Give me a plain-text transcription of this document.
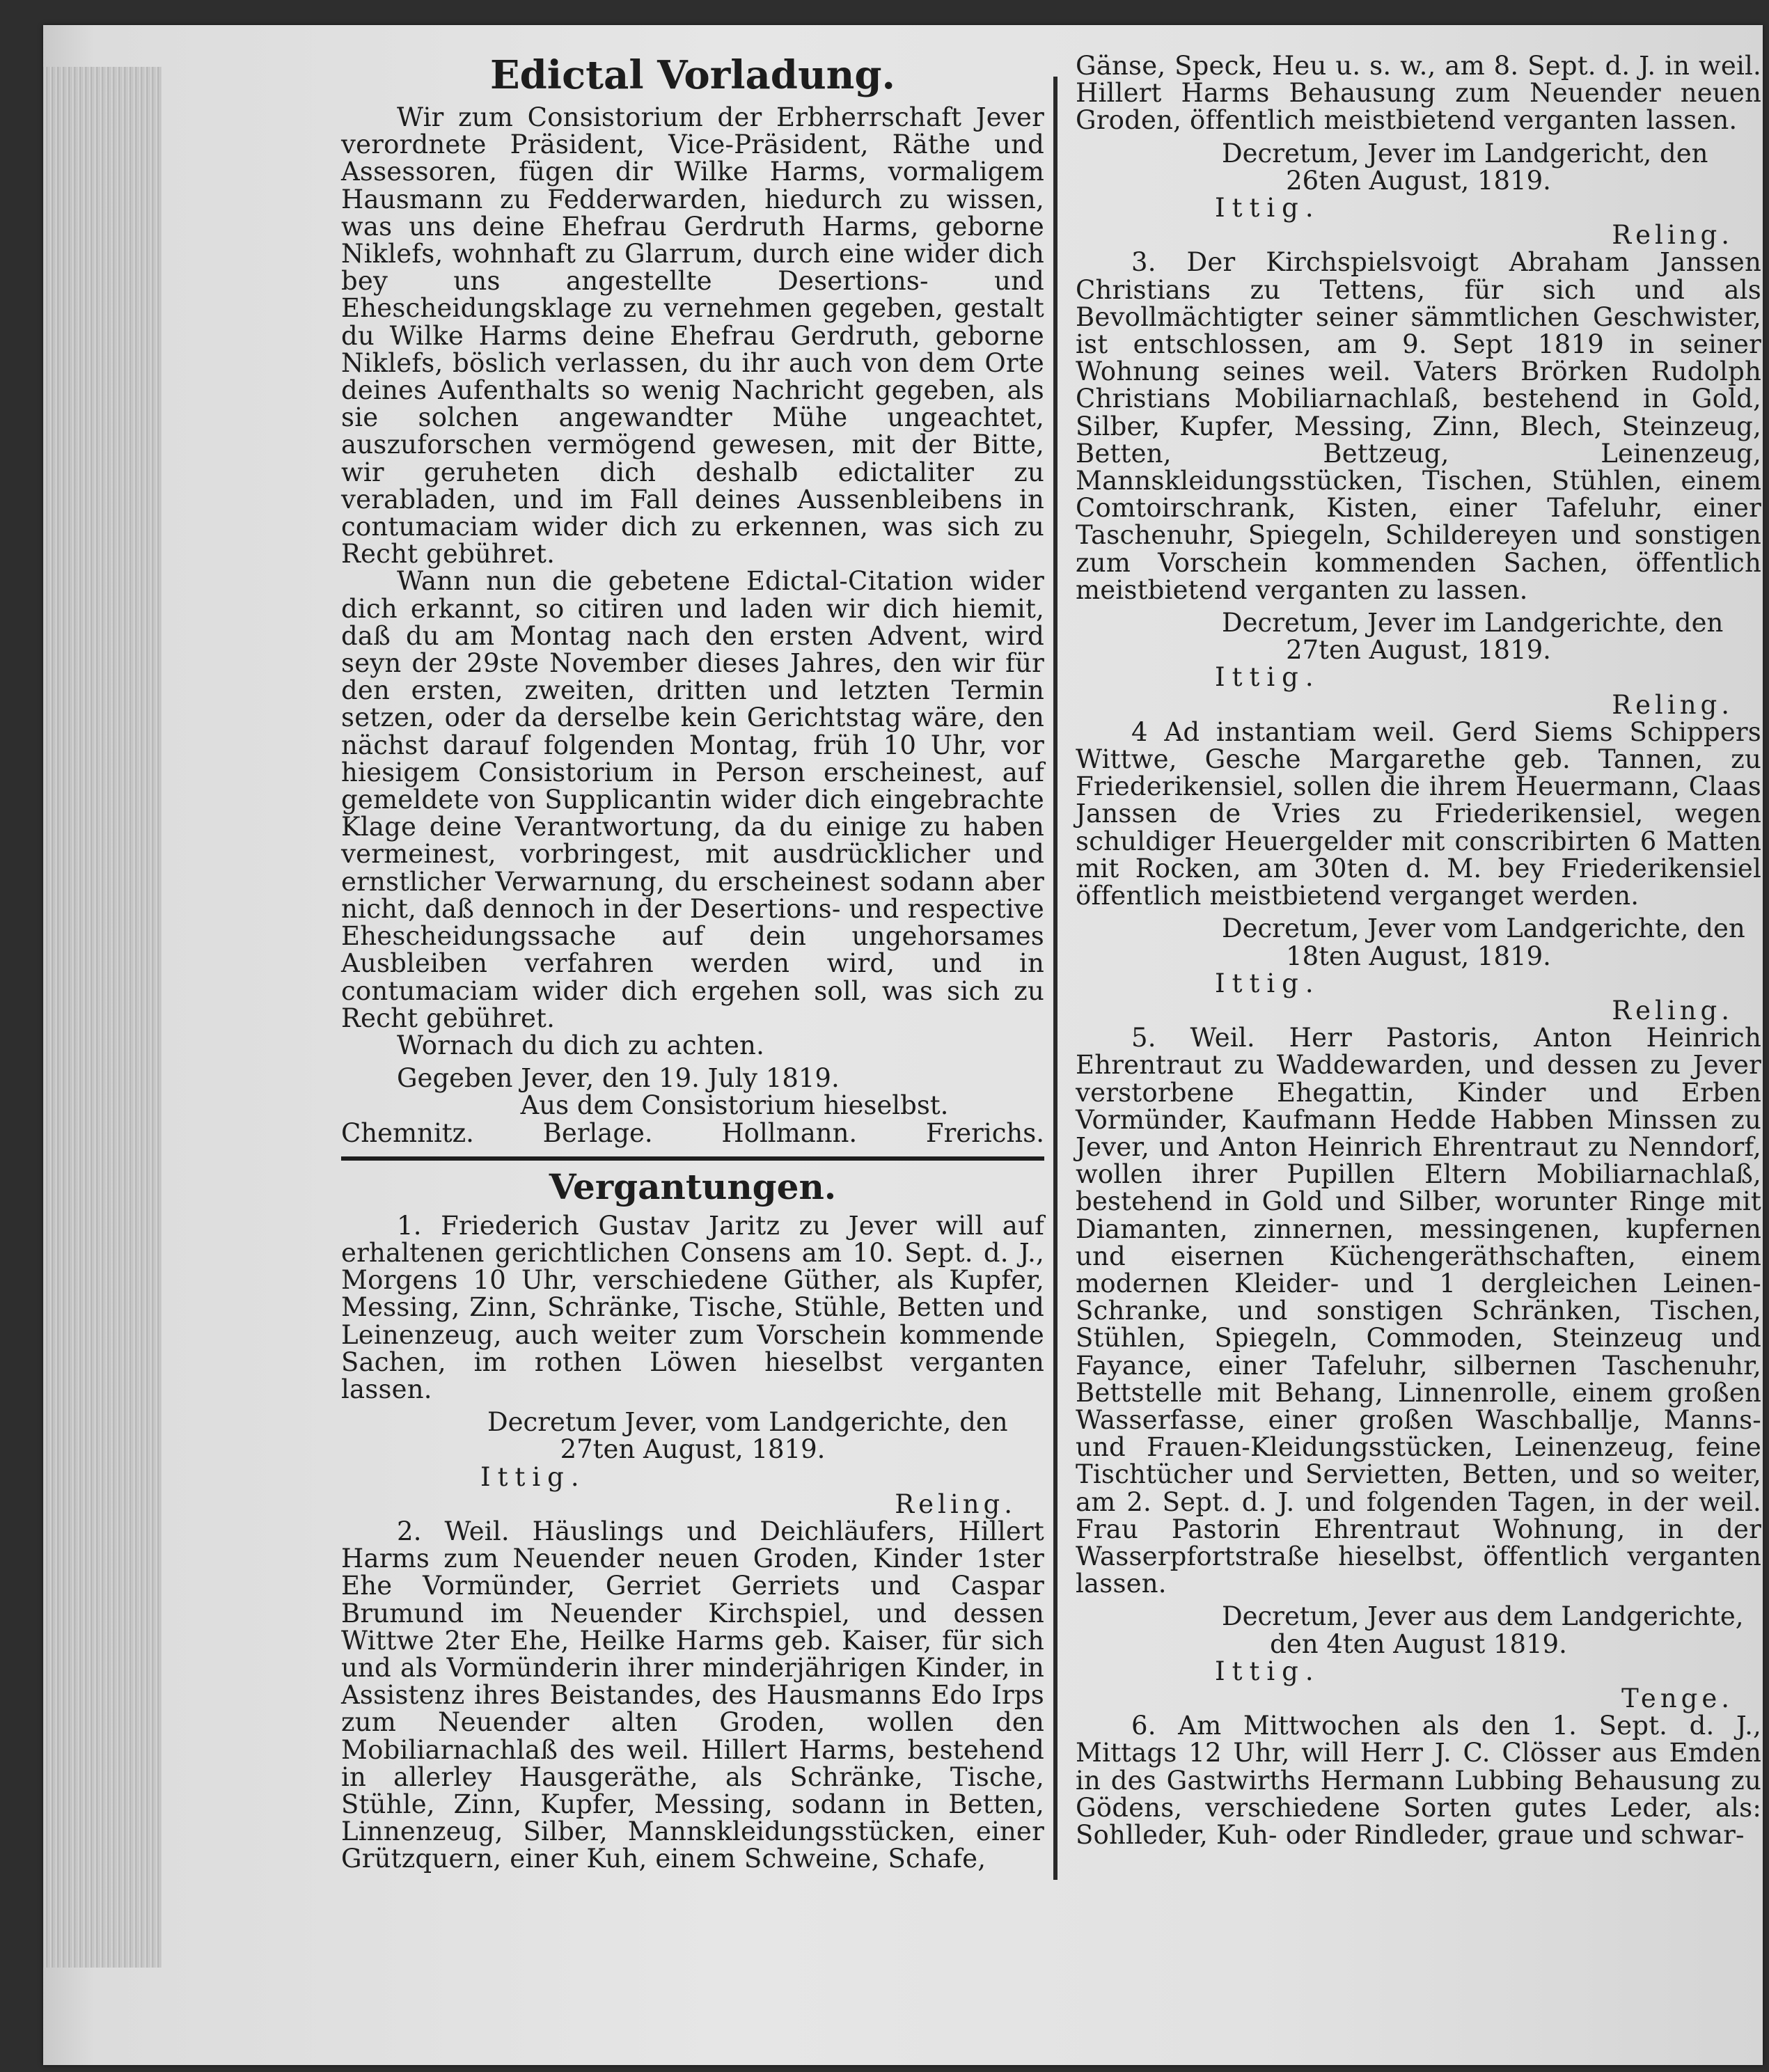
Edictal Vorladung.

Wir zum Consistorium der Erbherrschaft Jever verordnete Präsident, Vice-Präsident, Räthe und Assessoren, fügen dir Wilke Harms, vormaligem Hausmann zu Fedderwarden, hiedurch zu wissen, was uns deine Ehefrau Gerdruth Harms, geborne Niklefs, wohnhaft zu Glarrum, durch eine wider dich bey uns angestellte Desertions- und Ehescheidungsklage zu vernehmen gegeben, gestalt du Wilke Harms deine Ehefrau Gerdruth, geborne Niklefs, böslich verlassen, du ihr auch von dem Orte deines Aufenthalts so wenig Nachricht gegeben, als sie solchen angewandter Mühe ungeachtet, auszuforschen vermögend gewesen, mit der Bitte, wir geruheten dich deshalb edictaliter zu verabladen, und im Fall deines Aussenbleibens in contumaciam wider dich zu erkennen, was sich zu Recht gebühret.

Wann nun die gebetene Edictal-Citation wider dich erkannt, so citiren und laden wir dich hiemit, daß du am Montag nach den ersten Advent, wird seyn der 29ste November dieses Jahres, den wir für den ersten, zweiten, dritten und letzten Termin setzen, oder da derselbe kein Gerichtstag wäre, den nächst darauf folgenden Montag, früh 10 Uhr, vor hiesigem Consistorium in Person erscheinest, auf gemeldete von Supplicantin wider dich eingebrachte Klage deine Verantwortung, da du einige zu haben vermeinest, vorbringest, mit ausdrücklicher und ernstlicher Verwarnung, du erscheinest sodann aber nicht, daß dennoch in der Desertions- und respective Ehescheidungssache auf dein ungehorsames Ausbleiben verfahren werden wird, und in contumaciam wider dich ergehen soll, was sich zu Recht gebühret.

Wornach du dich zu achten.

Gegeben Jever, den 19. July 1819.

Aus dem Consistorium hieselbst.

Chemnitz.	Berlage.	Hollmann.	Frerichs.
Vergantungen.

1. Friederich Gustav Jaritz zu Jever will auf erhaltenen gerichtlichen Consens am 10. Sept. d. J., Morgens 10 Uhr, verschiedene Güther, als Kupfer, Messing, Zinn, Schränke, Tische, Stühle, Betten und Leinenzeug, auch weiter zum Vorschein kommende Sachen, im rothen Löwen hieselbst verganten lassen.

Decretum Jever, vom Landgerichte, den

27ten August, 1819.

Ittig.

Reling.

2. Weil. Häuslings und Deichläufers, Hillert Harms zum Neuender neuen Groden, Kinder 1ster Ehe Vormünder, Gerriet Gerriets und Caspar Brumund im Neuender Kirchspiel, und dessen Wittwe 2ter Ehe, Heilke Harms geb. Kaiser, für sich und als Vormünderin ihrer minderjährigen Kinder, in Assistenz ihres Beistandes, des Hausmanns Edo Irps zum Neuender alten Groden, wollen den Mobiliarnachlaß des weil. Hillert Harms, bestehend in allerley Hausgeräthe, als Schränke, Tische, Stühle, Zinn, Kupfer, Messing, sodann in Betten, Linnenzeug, Silber, Mannskleidungsstücken, einer Grützquern, einer Kuh, einem Schweine, Schafe,

Gänse, Speck, Heu u. s. w., am 8. Sept. d. J. in weil. Hillert Harms Behausung zum Neuender neuen Groden, öffentlich meistbietend verganten lassen.

Decretum, Jever im Landgericht, den

26ten August, 1819.

Ittig.

Reling.

3. Der Kirchspielsvoigt Abraham Janssen Christians zu Tettens, für sich und als Bevollmächtigter seiner sämmtlichen Geschwister, ist entschlossen, am 9. Sept 1819 in seiner Wohnung seines weil. Vaters Brörken Rudolph Christians Mobiliarnachlaß, bestehend in Gold, Silber, Kupfer, Messing, Zinn, Blech, Steinzeug, Betten, Bettzeug, Leinenzeug, Mannskleidungsstücken, Tischen, Stühlen, einem Comtoirschrank, Kisten, einer Tafeluhr, einer Taschenuhr, Spiegeln, Schildereyen und sonstigen zum Vorschein kommenden Sachen, öffentlich meistbietend verganten zu lassen.

Decretum, Jever im Landgerichte, den

27ten August, 1819.

Ittig.

Reling.

4 Ad instantiam weil. Gerd Siems Schippers Wittwe, Gesche Margarethe geb. Tannen, zu Friederikensiel, sollen die ihrem Heuermann, Claas Janssen de Vries zu Friederikensiel, wegen schuldiger Heuergelder mit conscribirten 6 Matten mit Rocken, am 30ten d. M. bey Friederikensiel öffentlich meistbietend verganget werden.

Decretum, Jever vom Landgerichte, den

18ten August, 1819.

Ittig.

Reling.

5. Weil. Herr Pastoris, Anton Heinrich Ehrentraut zu Waddewarden, und dessen zu Jever verstorbene Ehegattin, Kinder und Erben Vormünder, Kaufmann Hedde Habben Minssen zu Jever, und Anton Heinrich Ehrentraut zu Nenndorf, wollen ihrer Pupillen Eltern Mobiliarnachlaß, bestehend in Gold und Silber, worunter Ringe mit Diamanten, zinnernen, messingenen, kupfernen und eisernen Küchengeräthschaften, einem modernen Kleider- und 1 dergleichen Leinen-Schranke, und sonstigen Schränken, Tischen, Stühlen, Spiegeln, Commoden, Steinzeug und Fayance, einer Tafeluhr, silbernen Taschenuhr, Bettstelle mit Behang, Linnenrolle, einem großen Wasserfasse, einer großen Waschballje, Manns- und Frauen-Kleidungsstücken, Leinenzeug, feine Tischtücher und Servietten, Betten, und so weiter, am 2. Sept. d. J. und folgenden Tagen, in der weil. Frau Pastorin Ehrentraut Wohnung, in der Wasserpfortstraße hieselbst, öffentlich verganten lassen.

Decretum, Jever aus dem Landgerichte,

den 4ten August 1819.

Ittig.

Tenge.

6. Am Mittwochen als den 1. Sept. d. J., Mittags 12 Uhr, will Herr J. C. Clösser aus Emden in des Gastwirths Hermann Lubbing Behausung zu Gödens, verschiedene Sorten gutes Leder, als: Sohlleder, Kuh- oder Rindleder, graue und schwar-
